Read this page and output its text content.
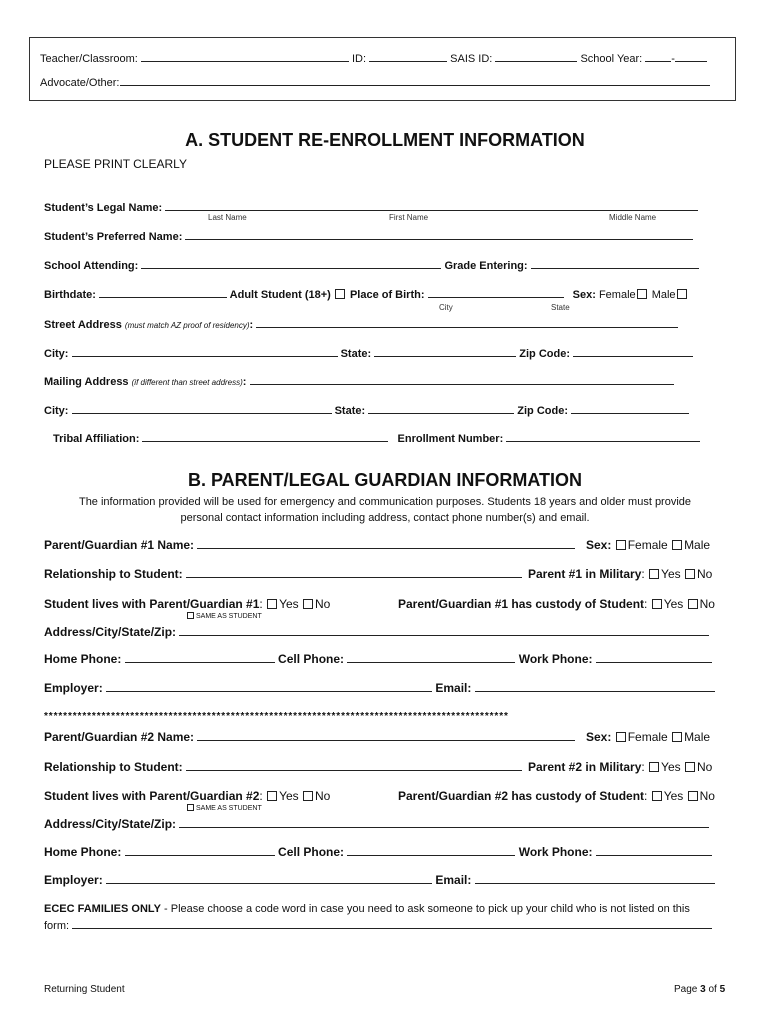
Teacher/Classroom:	ID:	SAIS ID:	School Year:	-
Advocate/Other:
A. STUDENT RE-ENROLLMENT INFORMATION
PLEASE PRINT CLEARLY
Student’s Legal Name:
Last Name	First Name	Middle Name
Student’s Preferred Name:
School Attending:	Grade Entering:
Birthdate:	Adult Student (18+) Place of Birth:	Sex: Female Male
City	State
Street Address (must match AZ proof of residency):
City:	State:	Zip Code:
Mailing Address (if different than street address):
City:	State:	Zip Code:
Tribal Affiliation:	Enrollment Number:
B. PARENT/LEGAL GUARDIAN INFORMATION
The information provided will be used for emergency and communication purposes. Students 18 years and older must provide
personal contact information including address, contact phone number(s) and email.
Parent/Guardian #1 Name:	Sex: Female Male
Relationship to Student:	Parent #1 in Military: Yes No
Student lives with Parent/Guardian #1: Yes No	Parent/Guardian #1 has custody of Student: Yes No
SAME AS STUDENT
Address/City/State/Zip:
Home Phone:	Cell Phone:	Work Phone:
Employer:	Email:
*************************************************************************************************
Parent/Guardian #2 Name:	Sex: Female Male
Relationship to Student:	Parent #2 in Military: Yes No
Student lives with Parent/Guardian #2: Yes No	Parent/Guardian #2 has custody of Student: Yes No
SAME AS STUDENT
Address/City/State/Zip:
Home Phone:	Cell Phone:	Work Phone:
Employer:	Email:
ECEC FAMILIES ONLY - Please choose a code word in case you need to ask someone to pick up your child who is not listed on this
form:
Returning Student	Page 3 of 5
